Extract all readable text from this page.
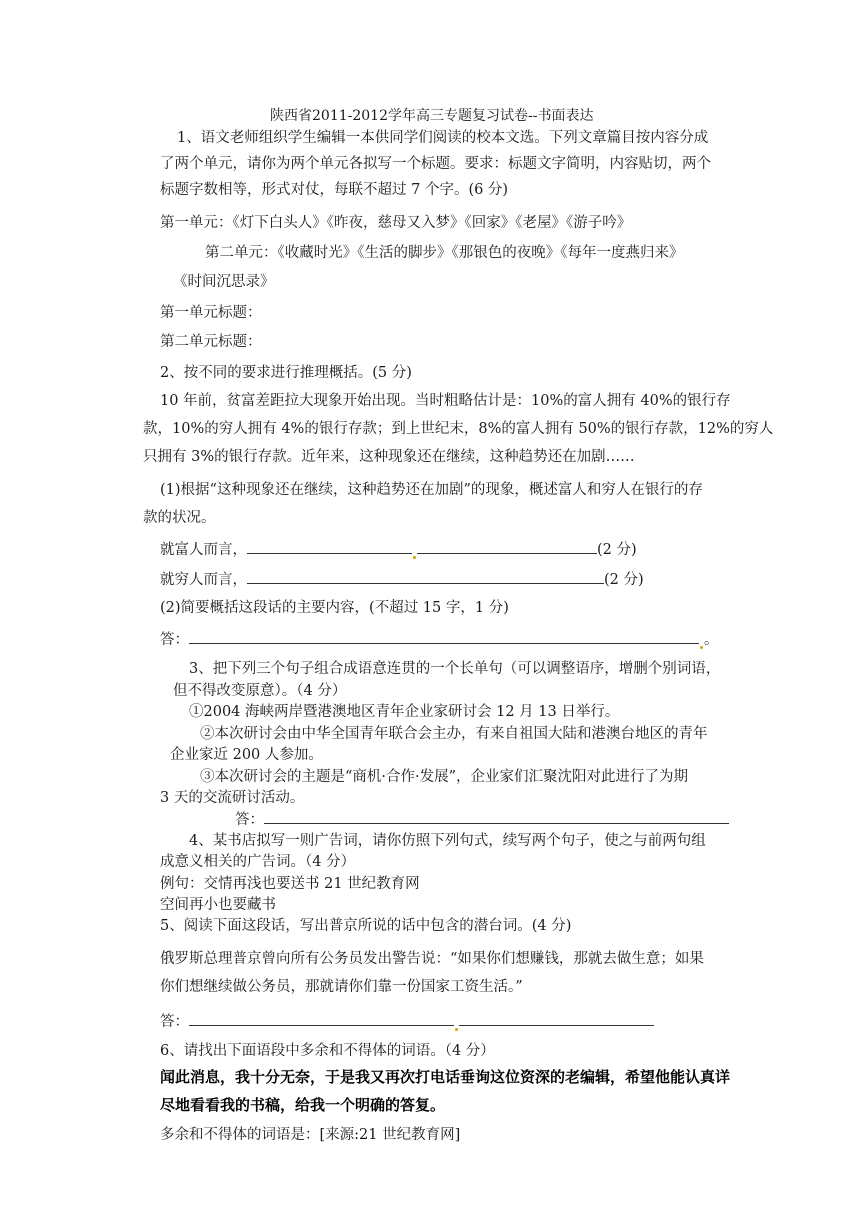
陕西省2011-2012学年高三专题复习试卷--书面表达
1、语文老师组织学生编辑一本供同学们阅读的校本文选。下列文章篇目按内容分成
了两个单元，请你为两个单元各拟写一个标题。要求：标题文字简明，内容贴切，两个
标题字数相等，形式对仗，每联不超过 7 个字。(6 分)
第一单元：《灯下白头人》《昨夜，慈母又入梦》《回家》《老屋》《游子吟》
第二单元：《收藏时光》《生活的脚步》《那银色的夜晚》《每年一度燕归来》
《时间沉思录》
第一单元标题：
第二单元标题：
2、按不同的要求进行推理概括。(5 分)
10 年前，贫富差距拉大现象开始出现。当时粗略估计是：10%的富人拥有 40%的银行存
款，10%的穷人拥有 4%的银行存款；到上世纪末，8%的富人拥有 50%的银行存款，12%的穷人
只拥有 3%的银行存款。近年来，这种现象还在继续，这种趋势还在加剧……
(1)根据“这种现象还在继续，这种趋势还在加剧”的现象，概述富人和穷人在银行的存
款的状况。
就富人而言，	(2 分)
就穷人而言，	(2 分)
(2)简要概括这段话的主要内容，(不超过 15 字，1 分)
答：	。
3、把下列三个句子组合成语意连贯的一个长单句（可以调整语序，增删个别词语，
但不得改变原意）。（4 分）
①2004 海峡两岸暨港澳地区青年企业家研讨会 12 月 13 日举行。
②本次研讨会由中华全国青年联合会主办，有来自祖国大陆和港澳台地区的青年
企业家近 200 人参加。
③本次研讨会的主题是“商机·合作·发展”，企业家们汇聚沈阳对此进行了为期
3 天的交流研讨活动。
答：
4、某书店拟写一则广告词，请你仿照下列句式，续写两个句子，使之与前两句组
成意义相关的广告词。（4 分）
例句：交情再浅也要送书 21 世纪教育网
空间再小也要藏书
5、阅读下面这段话，写出普京所说的话中包含的潜台词。(4 分)
俄罗斯总理普京曾向所有公务员发出警告说：“如果你们想赚钱，那就去做生意；如果
你们想继续做公务员，那就请你们靠一份国家工资生活。”
答：
6、请找出下面语段中多余和不得体的词语。（4 分）
闻此消息，我十分无奈，于是我又再次打电话垂询这位资深的老编辑，希望他能认真详
尽地看看我的书稿，给我一个明确的答复。
多余和不得体的词语是：[来源:21 世纪教育网]
